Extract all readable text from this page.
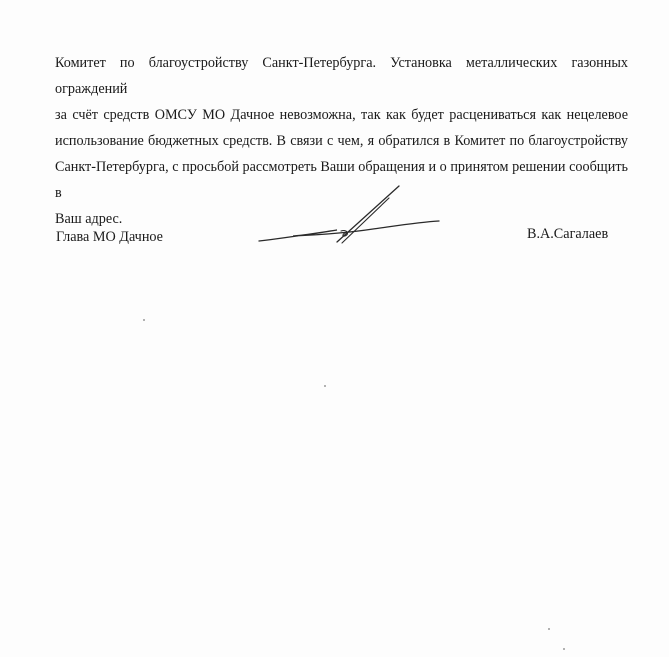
Комитет по благоустройству Санкт-Петербурга. Установка металлических газонных ограждений
за счёт средств ОМСУ МО Дачное невозможна, так как будет расцениваться как нецелевое
использование бюджетных средств. В связи с чем, я обратился в Комитет по благоустройству
Санкт-Петербурга, с просьбой рассмотреть Ваши обращения и о принятом решении сообщить в
Ваш адрес.

Глава МО Дачное	В.А.Сагалаев
